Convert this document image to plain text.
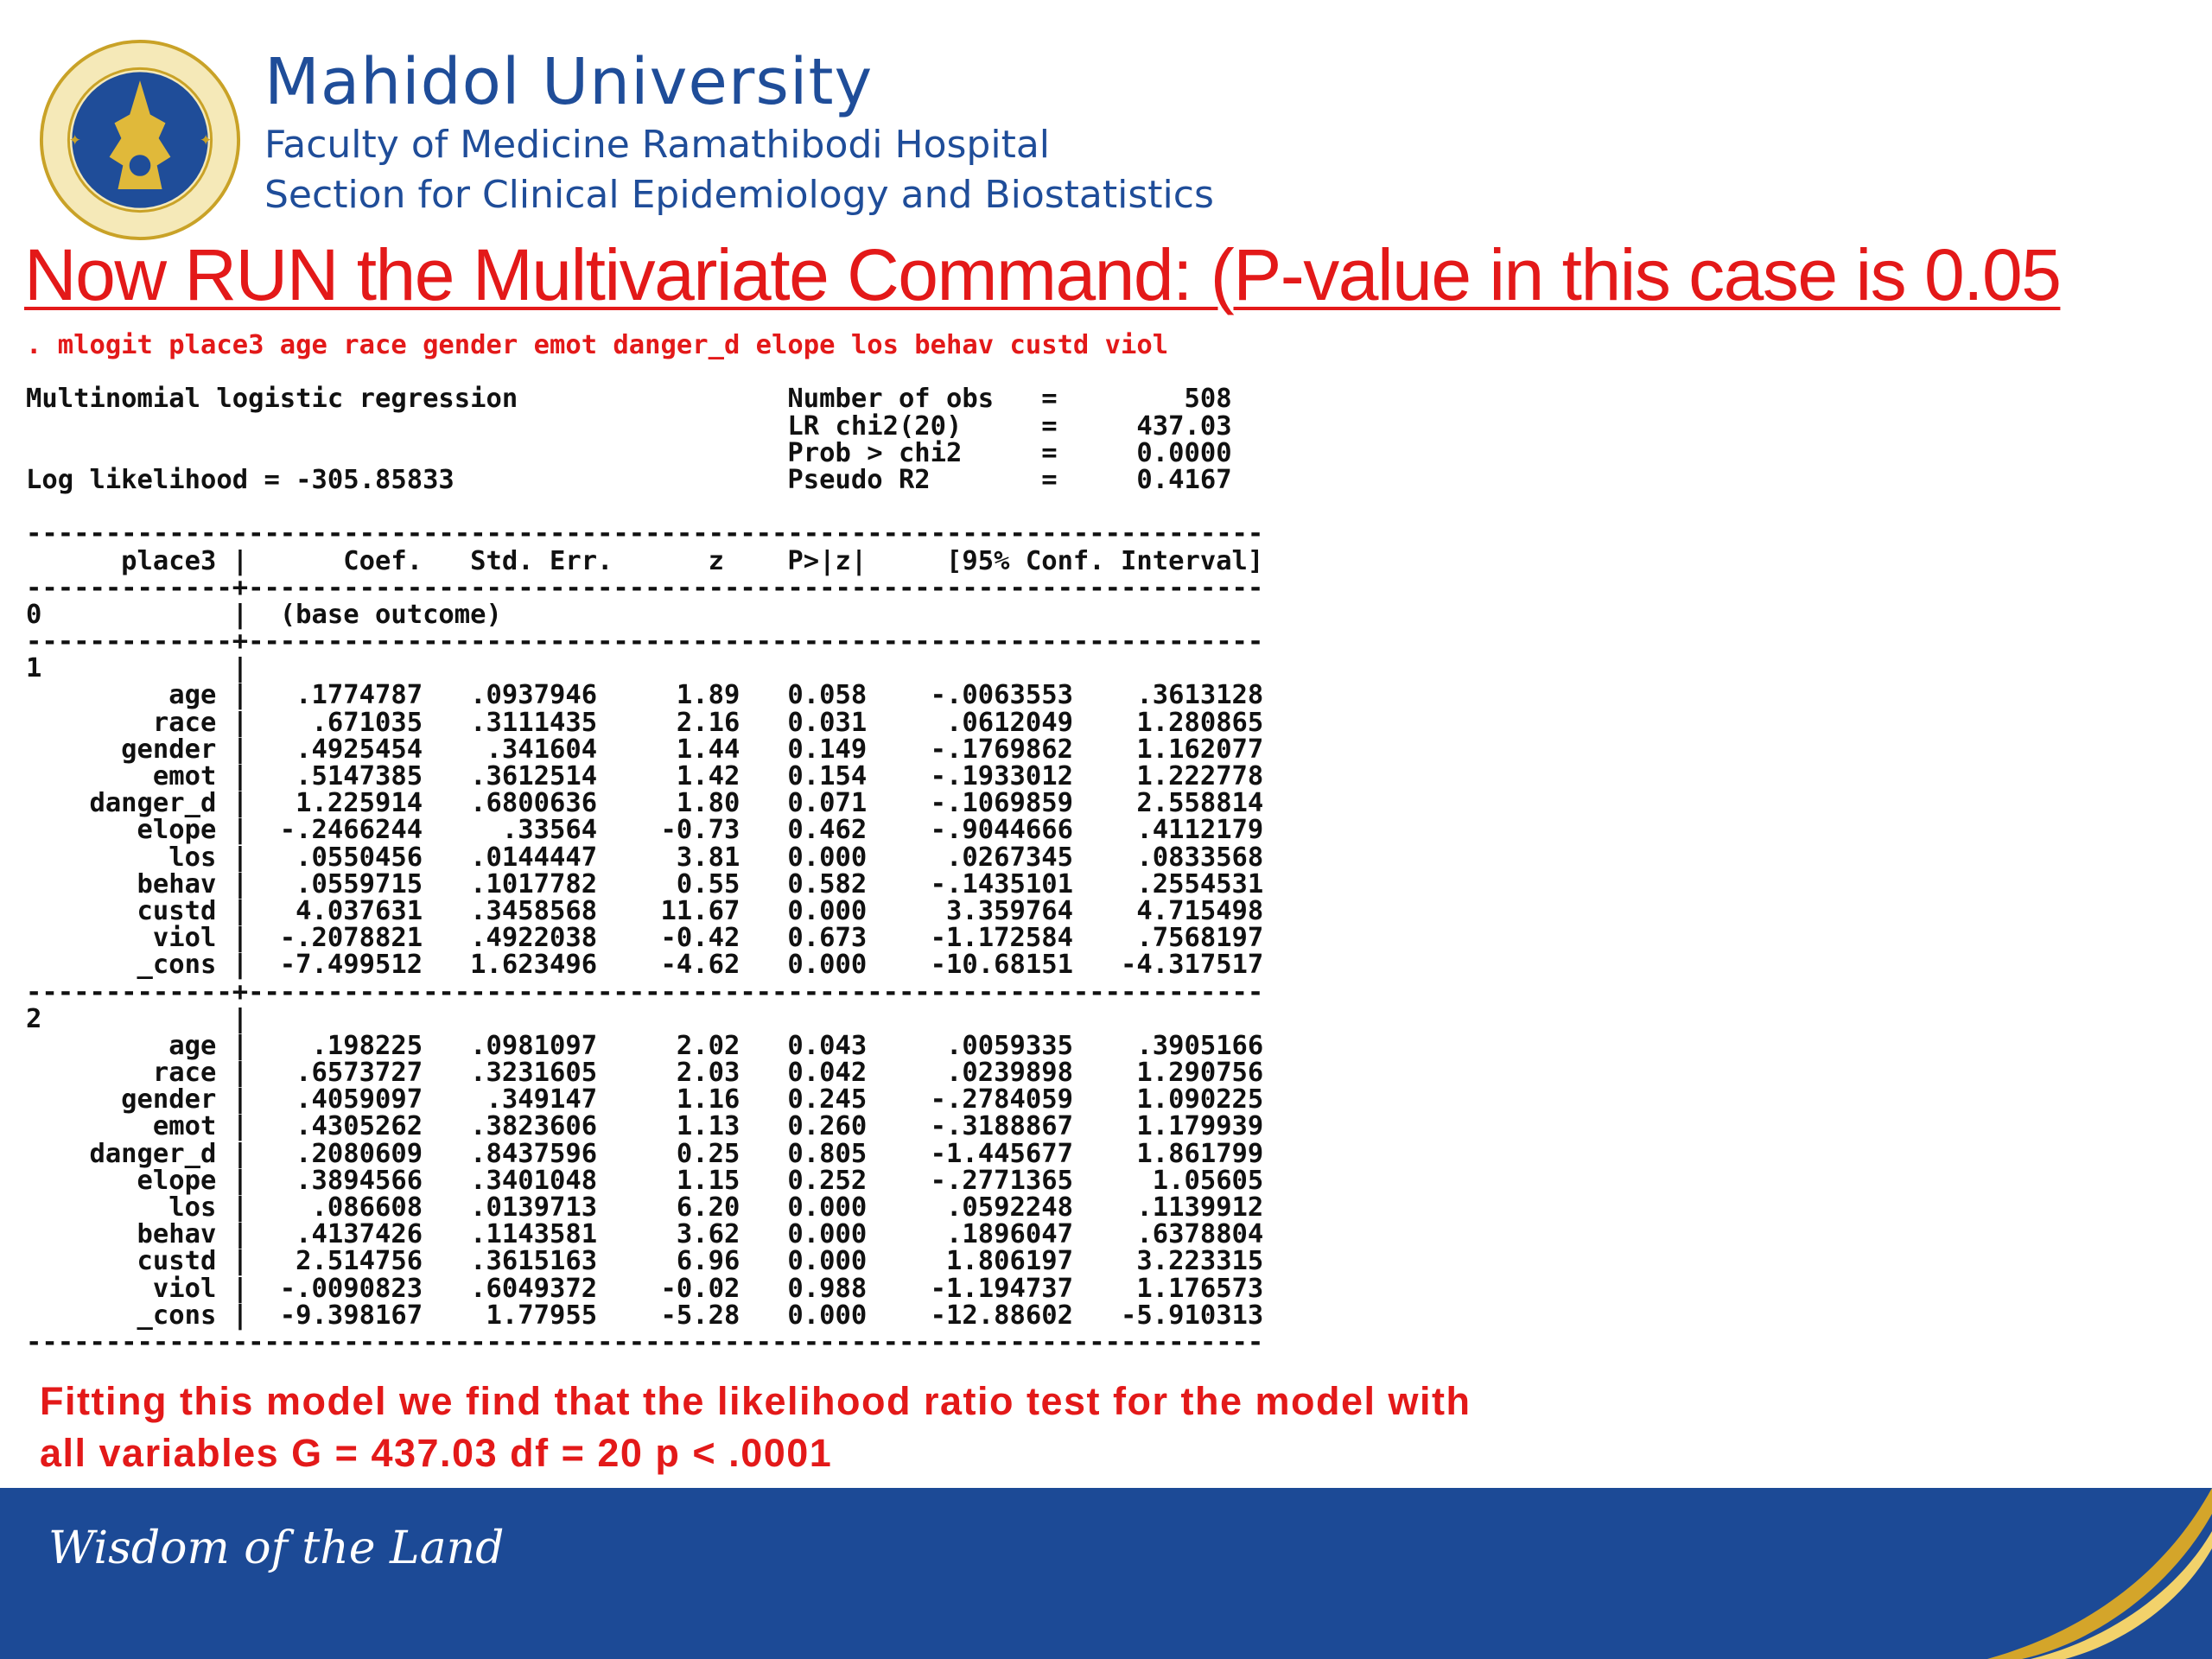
✦	✦
Mahidol University

Faculty of Medicine Ramathibodi Hospital

Section for Clinical Epidemiology and Biostatistics

Now RUN the Multivariate Command: (P-value in this case is 0.05
. mlogit place3 age race gender emot danger_d elope los behav custd viol
Multinomial logistic regression                 Number of obs   =        508
LR chi2(20)     =     437.03
Prob > chi2     =     0.0000
Log likelihood = -305.85833                     Pseudo R2       =     0.4167
------------------------------------------------------------------------------
place3 |      Coef.   Std. Err.      z    P>|z|     [95% Conf. Interval]
-------------+----------------------------------------------------------------
0            |  (base outcome)
-------------+----------------------------------------------------------------
1            |
age |   .1774787   .0937946     1.89   0.058    -.0063553    .3613128
race |    .671035   .3111435     2.16   0.031     .0612049    1.280865
gender |   .4925454    .341604     1.44   0.149    -.1769862    1.162077
emot |   .5147385   .3612514     1.42   0.154    -.1933012    1.222778
danger_d |   1.225914   .6800636     1.80   0.071    -.1069859    2.558814
elope |  -.2466244     .33564    -0.73   0.462    -.9044666    .4112179
los |   .0550456   .0144447     3.81   0.000     .0267345    .0833568
behav |   .0559715   .1017782     0.55   0.582    -.1435101    .2554531
custd |   4.037631   .3458568    11.67   0.000     3.359764    4.715498
viol |  -.2078821   .4922038    -0.42   0.673    -1.172584    .7568197
_cons |  -7.499512   1.623496    -4.62   0.000    -10.68151   -4.317517
-------------+----------------------------------------------------------------
2            |
age |    .198225   .0981097     2.02   0.043     .0059335    .3905166
race |   .6573727   .3231605     2.03   0.042     .0239898    1.290756
gender |   .4059097    .349147     1.16   0.245    -.2784059    1.090225
emot |   .4305262   .3823606     1.13   0.260    -.3188867    1.179939
danger_d |   .2080609   .8437596     0.25   0.805    -1.445677    1.861799
elope |   .3894566   .3401048     1.15   0.252    -.2771365     1.05605
los |    .086608   .0139713     6.20   0.000     .0592248    .1139912
behav |   .4137426   .1143581     3.62   0.000     .1896047    .6378804
custd |   2.514756   .3615163     6.96   0.000     1.806197    3.223315
viol |  -.0090823   .6049372    -0.02   0.988    -1.194737    1.176573
_cons |  -9.398167    1.77955    -5.28   0.000    -12.88602   -5.910313
------------------------------------------------------------------------------
Fitting this model we find that the likelihood ratio test for the model with
all variables G = 437.03 df = 20 p < .0001

Wisdom of the Land
